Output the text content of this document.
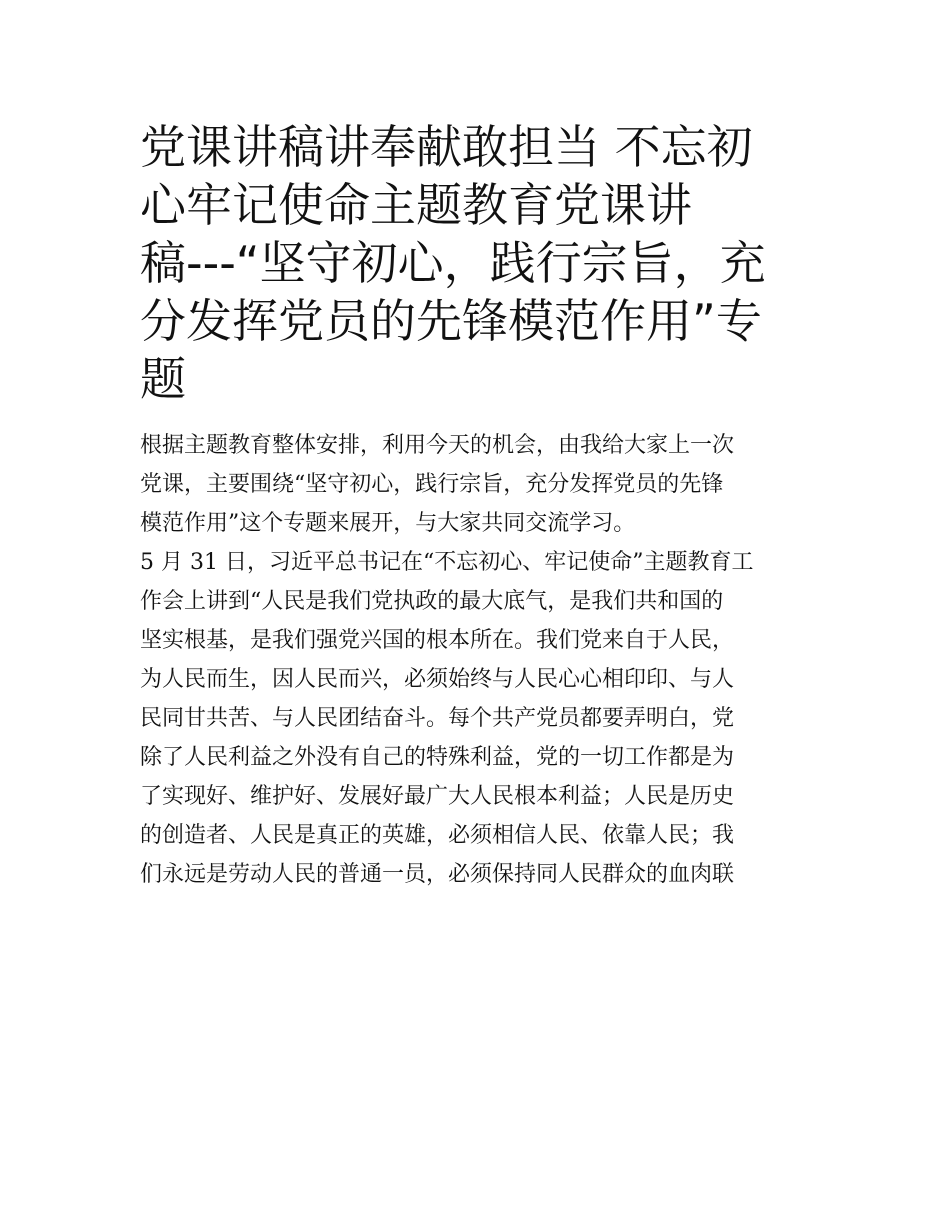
党课讲稿讲奉献敢担当 不忘初
心牢记使命主题教育党课讲
稿---“坚守初心，践行宗旨，充
分发挥党员的先锋模范作用”专
题

根据主题教育整体安排，利用今天的机会，由我给大家上一次
党课，主要围绕“坚守初心，践行宗旨，充分发挥党员的先锋
模范作用”这个专题来展开，与大家共同交流学习。

5 月 31 日，习近平总书记在“不忘初心、牢记使命”主题教育工
作会上讲到“人民是我们党执政的最大底气，是我们共和国的
坚实根基，是我们强党兴国的根本所在。我们党来自于人民，
为人民而生，因人民而兴，必须始终与人民心心相印印、与人
民同甘共苦、与人民团结奋斗。每个共产党员都要弄明白，党
除了人民利益之外没有自己的特殊利益，党的一切工作都是为
了实现好、维护好、发展好最广大人民根本利益；人民是历史
的创造者、人民是真正的英雄，必须相信人民、依靠人民；我
们永远是劳动人民的普通一员，必须保持同人民群众的血肉联
